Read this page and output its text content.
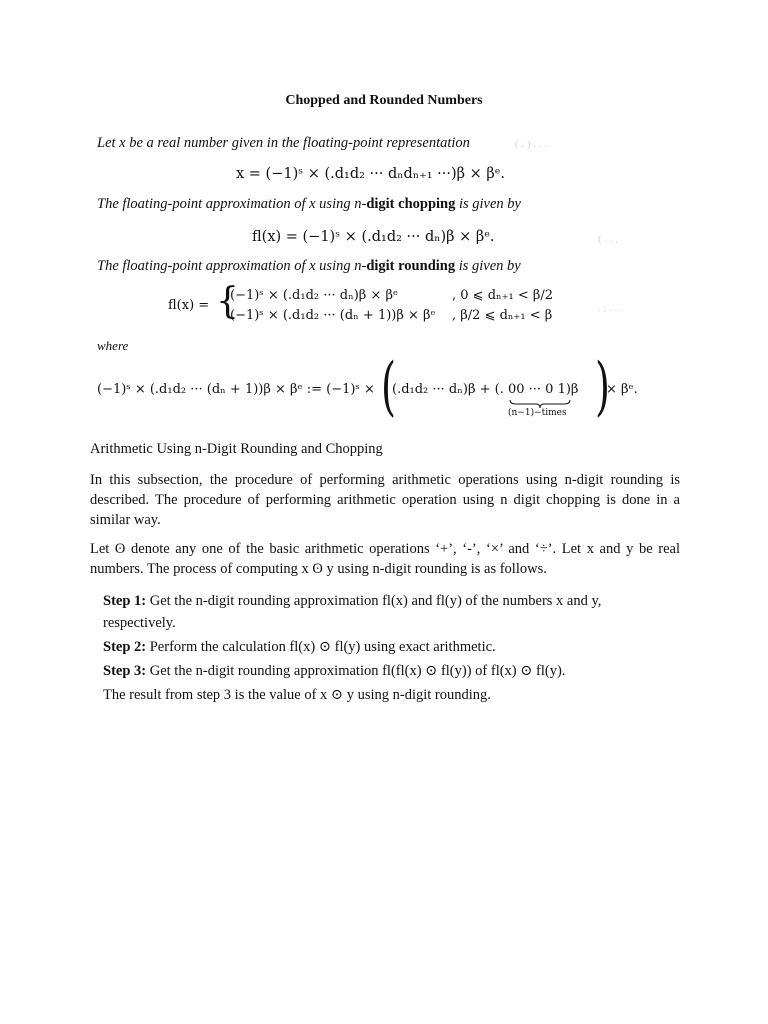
Chopped and Rounded Numbers
Let x be a real number given in the floating-point representation	( . ) . . .
x = (−1)ˢ × (.d₁d₂ ··· dₙdₙ₊₁ ···)β × βᵉ.
The floating-point approximation of x using n-digit chopping is given by
fl(x) = (−1)ˢ × (.d₁d₂ ··· dₙ)β × βᵉ.	( . . ,
The floating-point approximation of x using n-digit rounding is given by
fl(x) = {
(−1)ˢ × (.d₁d₂ ··· dₙ)β × βᵉ	, 0 ⩽ dₙ₊₁ < β/2
(−1)ˢ × (.d₁d₂ ··· (dₙ + 1))β × βᵉ , β/2 ⩽ dₙ₊₁ < β	. ; . . .
where
(−1)ˢ × (.d₁d₂ ··· (dₙ + 1))β × βᵉ := (−1)ˢ × (
(.d₁d₂ ··· dₙ)β + (. 00 ··· 0 1)β
(n−1)−times )
× βᵉ.
Arithmetic Using n-Digit Rounding and Chopping
In this subsection, the procedure of performing arithmetic operations using n-digit rounding is described. The procedure of performing arithmetic operation using n digit chopping is done in a similar way.
Let ʘ denote any one of the basic arithmetic operations ‘+’, ‘-’, ‘×’ and ‘÷’. Let x and y be real numbers. The process of computing x ʘ y using n-digit rounding is as follows.
Step 1: Get the n-digit rounding approximation fl(x) and fl(y) of the numbers x and y, respectively.
Step 2: Perform the calculation fl(x) ⊙ fl(y) using exact arithmetic.
Step 3: Get the n-digit rounding approximation fl(fl(x) ⊙ fl(y)) of fl(x) ⊙ fl(y).
The result from step 3 is the value of x ⊙ y using n-digit rounding.
